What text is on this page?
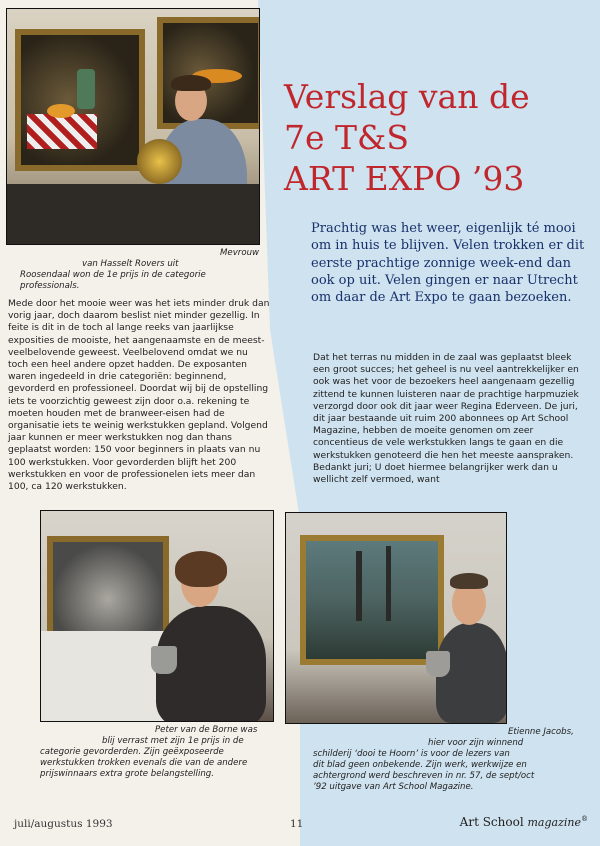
Mevrouw
van Hasselt Rovers uit
Roosendaal won de 1e prijs in de categorie
professionals.
Mede door het mooie weer was het iets minder druk dan vorig jaar, doch daarom beslist niet minder gezellig. In feite is dit in de toch al lange reeks van jaarlijkse exposities de mooiste, het aangenaamste en de meest-veelbelovende geweest. Veelbelovend omdat we nu toch een heel andere opzet hadden. De exposanten waren ingedeeld in drie categoriën: beginnend, gevorderd en professioneel. Doordat wij bij de opstelling iets te voorzichtig geweest zijn door o.a. rekening te moeten houden met de branweer-eisen had de organisatie iets te weinig werkstukken gepland. Volgend jaar kunnen er meer werkstukken nog dan thans geplaatst worden: 150 voor beginners in plaats van nu 100 werkstukken. Voor gevorderden blijft het 200 werkstukken en voor de professionelen iets meer dan 100, ca 120 werkstukken.
Verslag van de
7e T&S
ART EXPO ’93
Prachtig was het weer, eigenlijk té mooi om in huis te blijven. Velen trokken er dit eerste prachtige zonnige week-end dan ook op uit. Velen gingen er naar Utrecht om daar de Art Expo te gaan bezoeken.
Dat het terras nu midden in de zaal was geplaatst bleek een groot succes; het geheel is nu veel aantrekkelijker en ook was het voor de bezoekers heel aangenaam gezellig zittend te kunnen luisteren naar de prachtige harpmuziek verzorgd door ook dit jaar weer Regina Ederveen. De juri, dit jaar bestaande uit ruim 200 abonnees op Art School Magazine, hebben de moeite genomen om zeer concentieus de vele werkstukken langs te gaan en die werkstukken genoteerd die hen het meeste aanspraken. Bedankt juri; U doet hiermee belangrijker werk dan u wellicht zelf vermoed, want
Peter van de Borne was
blij verrast met zijn 1e prijs in de
categorie gevorderden. Zijn geëxposeerde
werkstukken trokken evenals die van de andere
prijswinnaars extra grote belangstelling.
Etienne Jacobs,
hier voor zijn winnend
schilderij ‘dooi te Hoorn’ is voor de lezers van
dit blad geen onbekende. Zijn werk, werkwijze en
achtergrond werd beschreven in nr. 57, de sept/oct
’92 uitgave van Art School Magazine.
juli/augustus 1993	11	Art School magazine®
